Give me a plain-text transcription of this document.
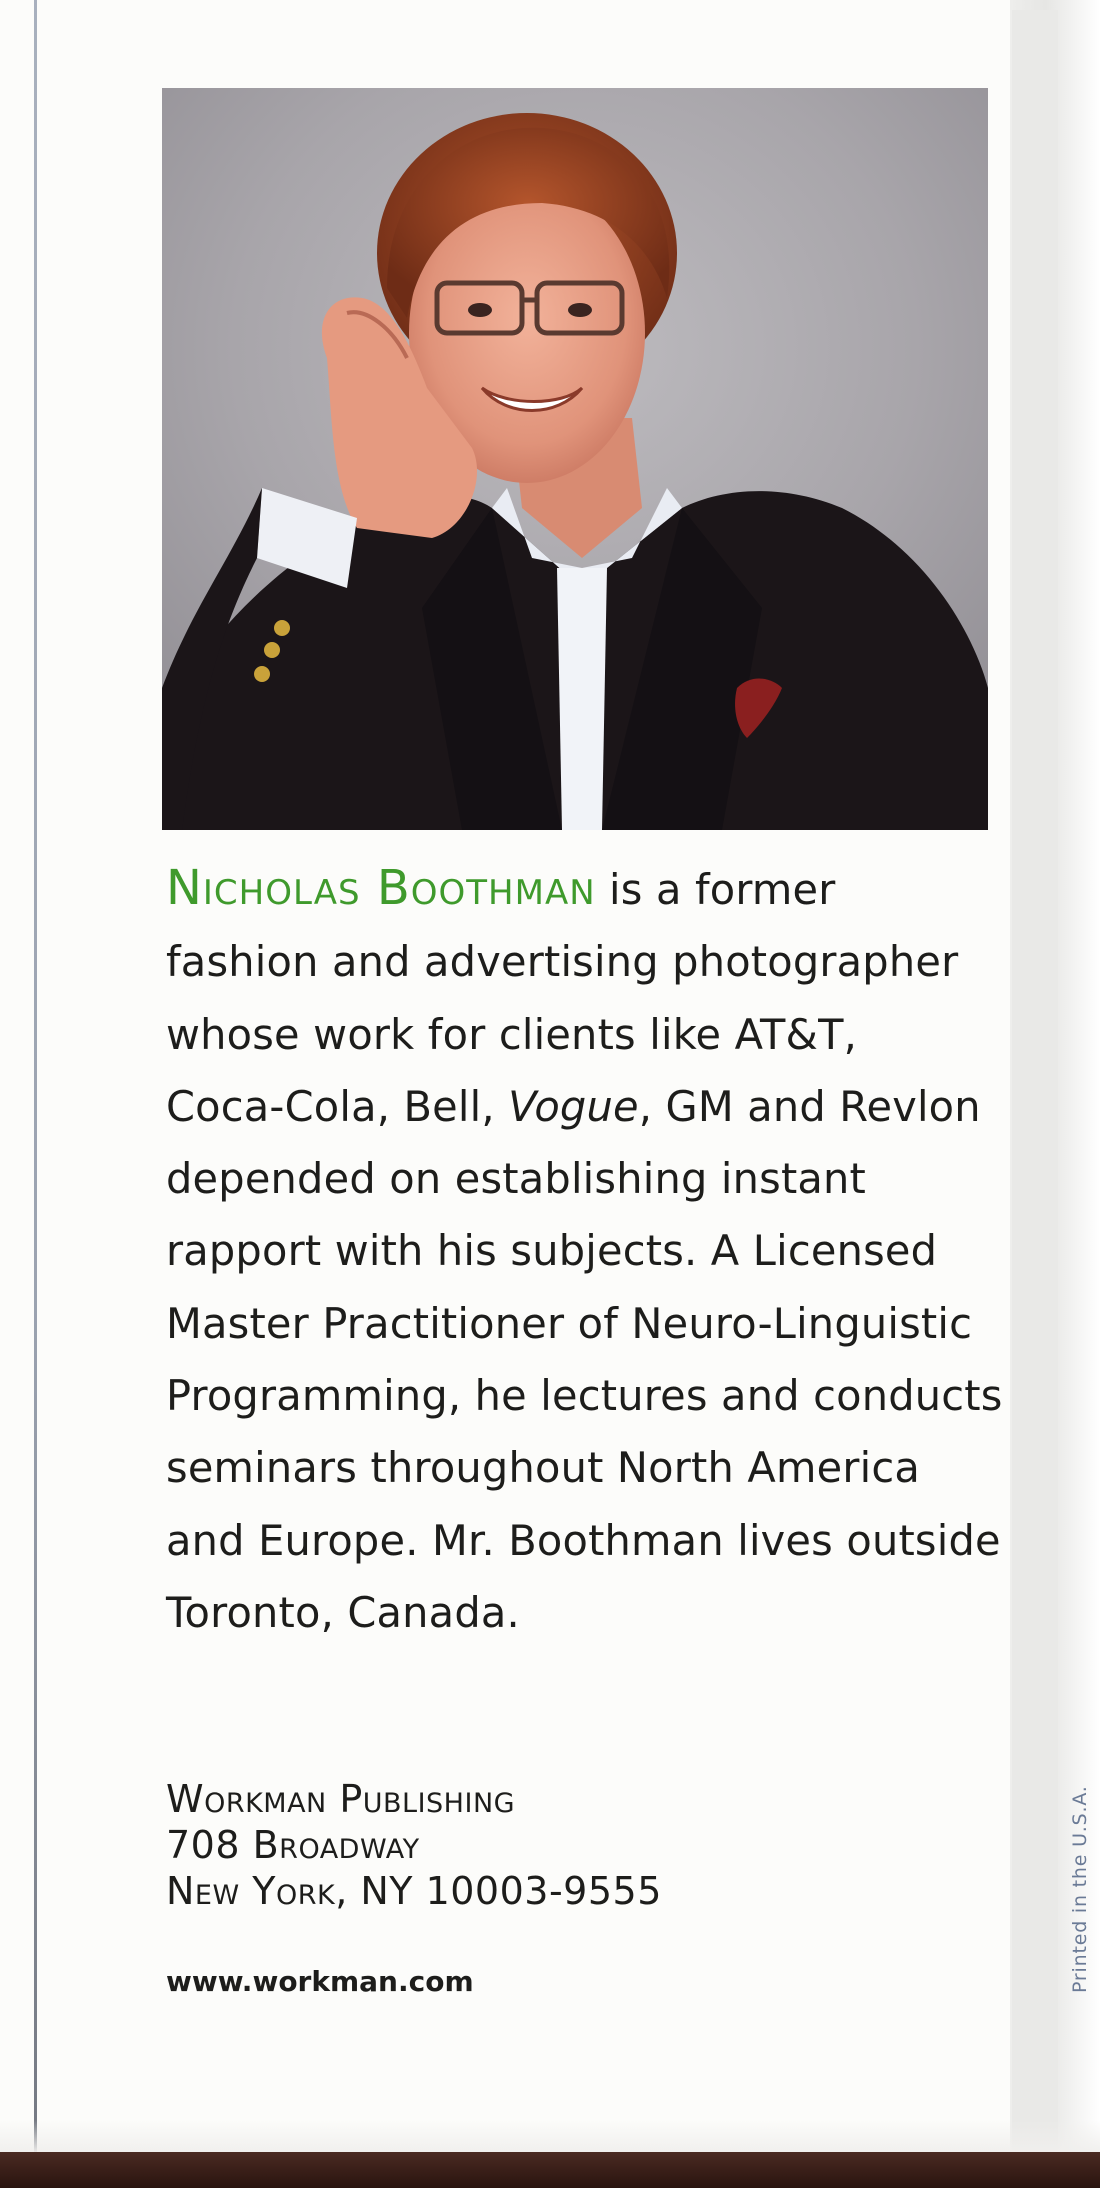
Nicholas Boothman is a former
fashion and advertising photographer
whose work for clients like AT&T,
Coca-Cola, Bell, Vogue, GM and Revlon
depended on establishing instant
rapport with his subjects. A Licensed
Master Practitioner of Neuro-Linguistic
Programming, he lectures and conducts
seminars throughout North America
and Europe. Mr. Boothman lives outside
Toronto, Canada.

Workman Publishing
708 Broadway
New York, NY 10003-9555
www.workman.com	Printed in the U.S.A.
